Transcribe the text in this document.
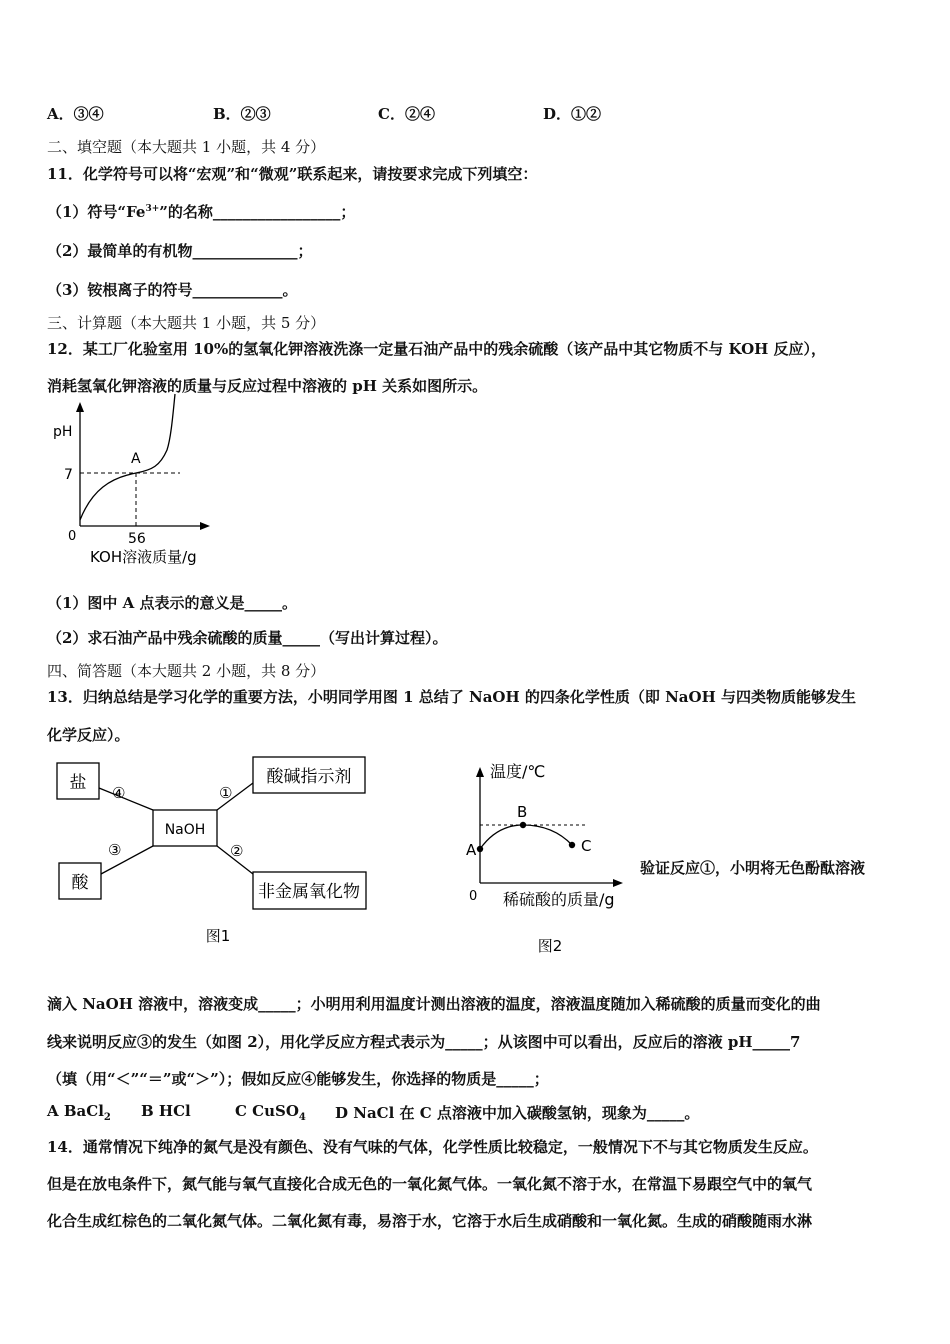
A．③④	B．②③	C．②④	D．①②
二、填空题（本大题共 1 小题，共 4 分）
11．化学符号可以将“宏观”和“微观”联系起来，请按要求完成下列填空：
（1）符号“$Fe^{3+}$”的名称_________________；
（2）最简单的有机物______________；
（3）铵根离子的符号____________。
三、计算题（本大题共 1 小题，共 5 分）
12．某工厂化验室用 10%的氢氧化钾溶液洗涤一定量石油产品中的残余硫酸（该产品中其它物质不与 KOH 反应），
消耗氢氧化钾溶液的质量与反应过程中溶液的 pH 关系如图所示。
pH
7
0	56
A
KOH溶液质量/g
（1）图中 A 点表示的意义是_____。
（2）求石油产品中残余硫酸的质量_____（写出计算过程）。
四、简答题（本大题共 2 小题，共 8 分）
13．归纳总结是学习化学的重要方法，小明同学用图 1 总结了 NaOH 的四条化学性质（即 NaOH 与四类物质能够发生
化学反应）。
NaOH
盐
酸
酸碱指示剂
非金属氧化物
④	①
③	②
图1
温度/℃
A
B
C
0 稀硫酸的质量/g
图2
验证反应①，小明将无色酚酞溶液
滴入 NaOH 溶液中，溶液变成_____；小明用利用温度计测出溶液的温度，溶液温度随加入稀硫酸的质量而变化的曲
线来说明反应③的发生（如图 2），用化学反应方程式表示为_____；从该图中可以看出，反应后的溶液 pH_____7
（填（用“＜”“＝”或“＞”）；假如反应④能够发生，你选择的物质是_____；
A BaCl$_2$ B HCl	C CuSO$_4$ D NaCl 在 C 点溶液中加入碳酸氢钠，现象为_____。
14．通常情况下纯净的氮气是没有颜色、没有气味的气体，化学性质比较稳定，一般情况下不与其它物质发生反应。
但是在放电条件下，氮气能与氧气直接化合成无色的一氧化氮气体。一氧化氮不溶于水，在常温下易跟空气中的氧气
化合生成红棕色的二氧化氮气体。二氧化氮有毒，易溶于水，它溶于水后生成硝酸和一氧化氮。生成的硝酸随雨水淋
